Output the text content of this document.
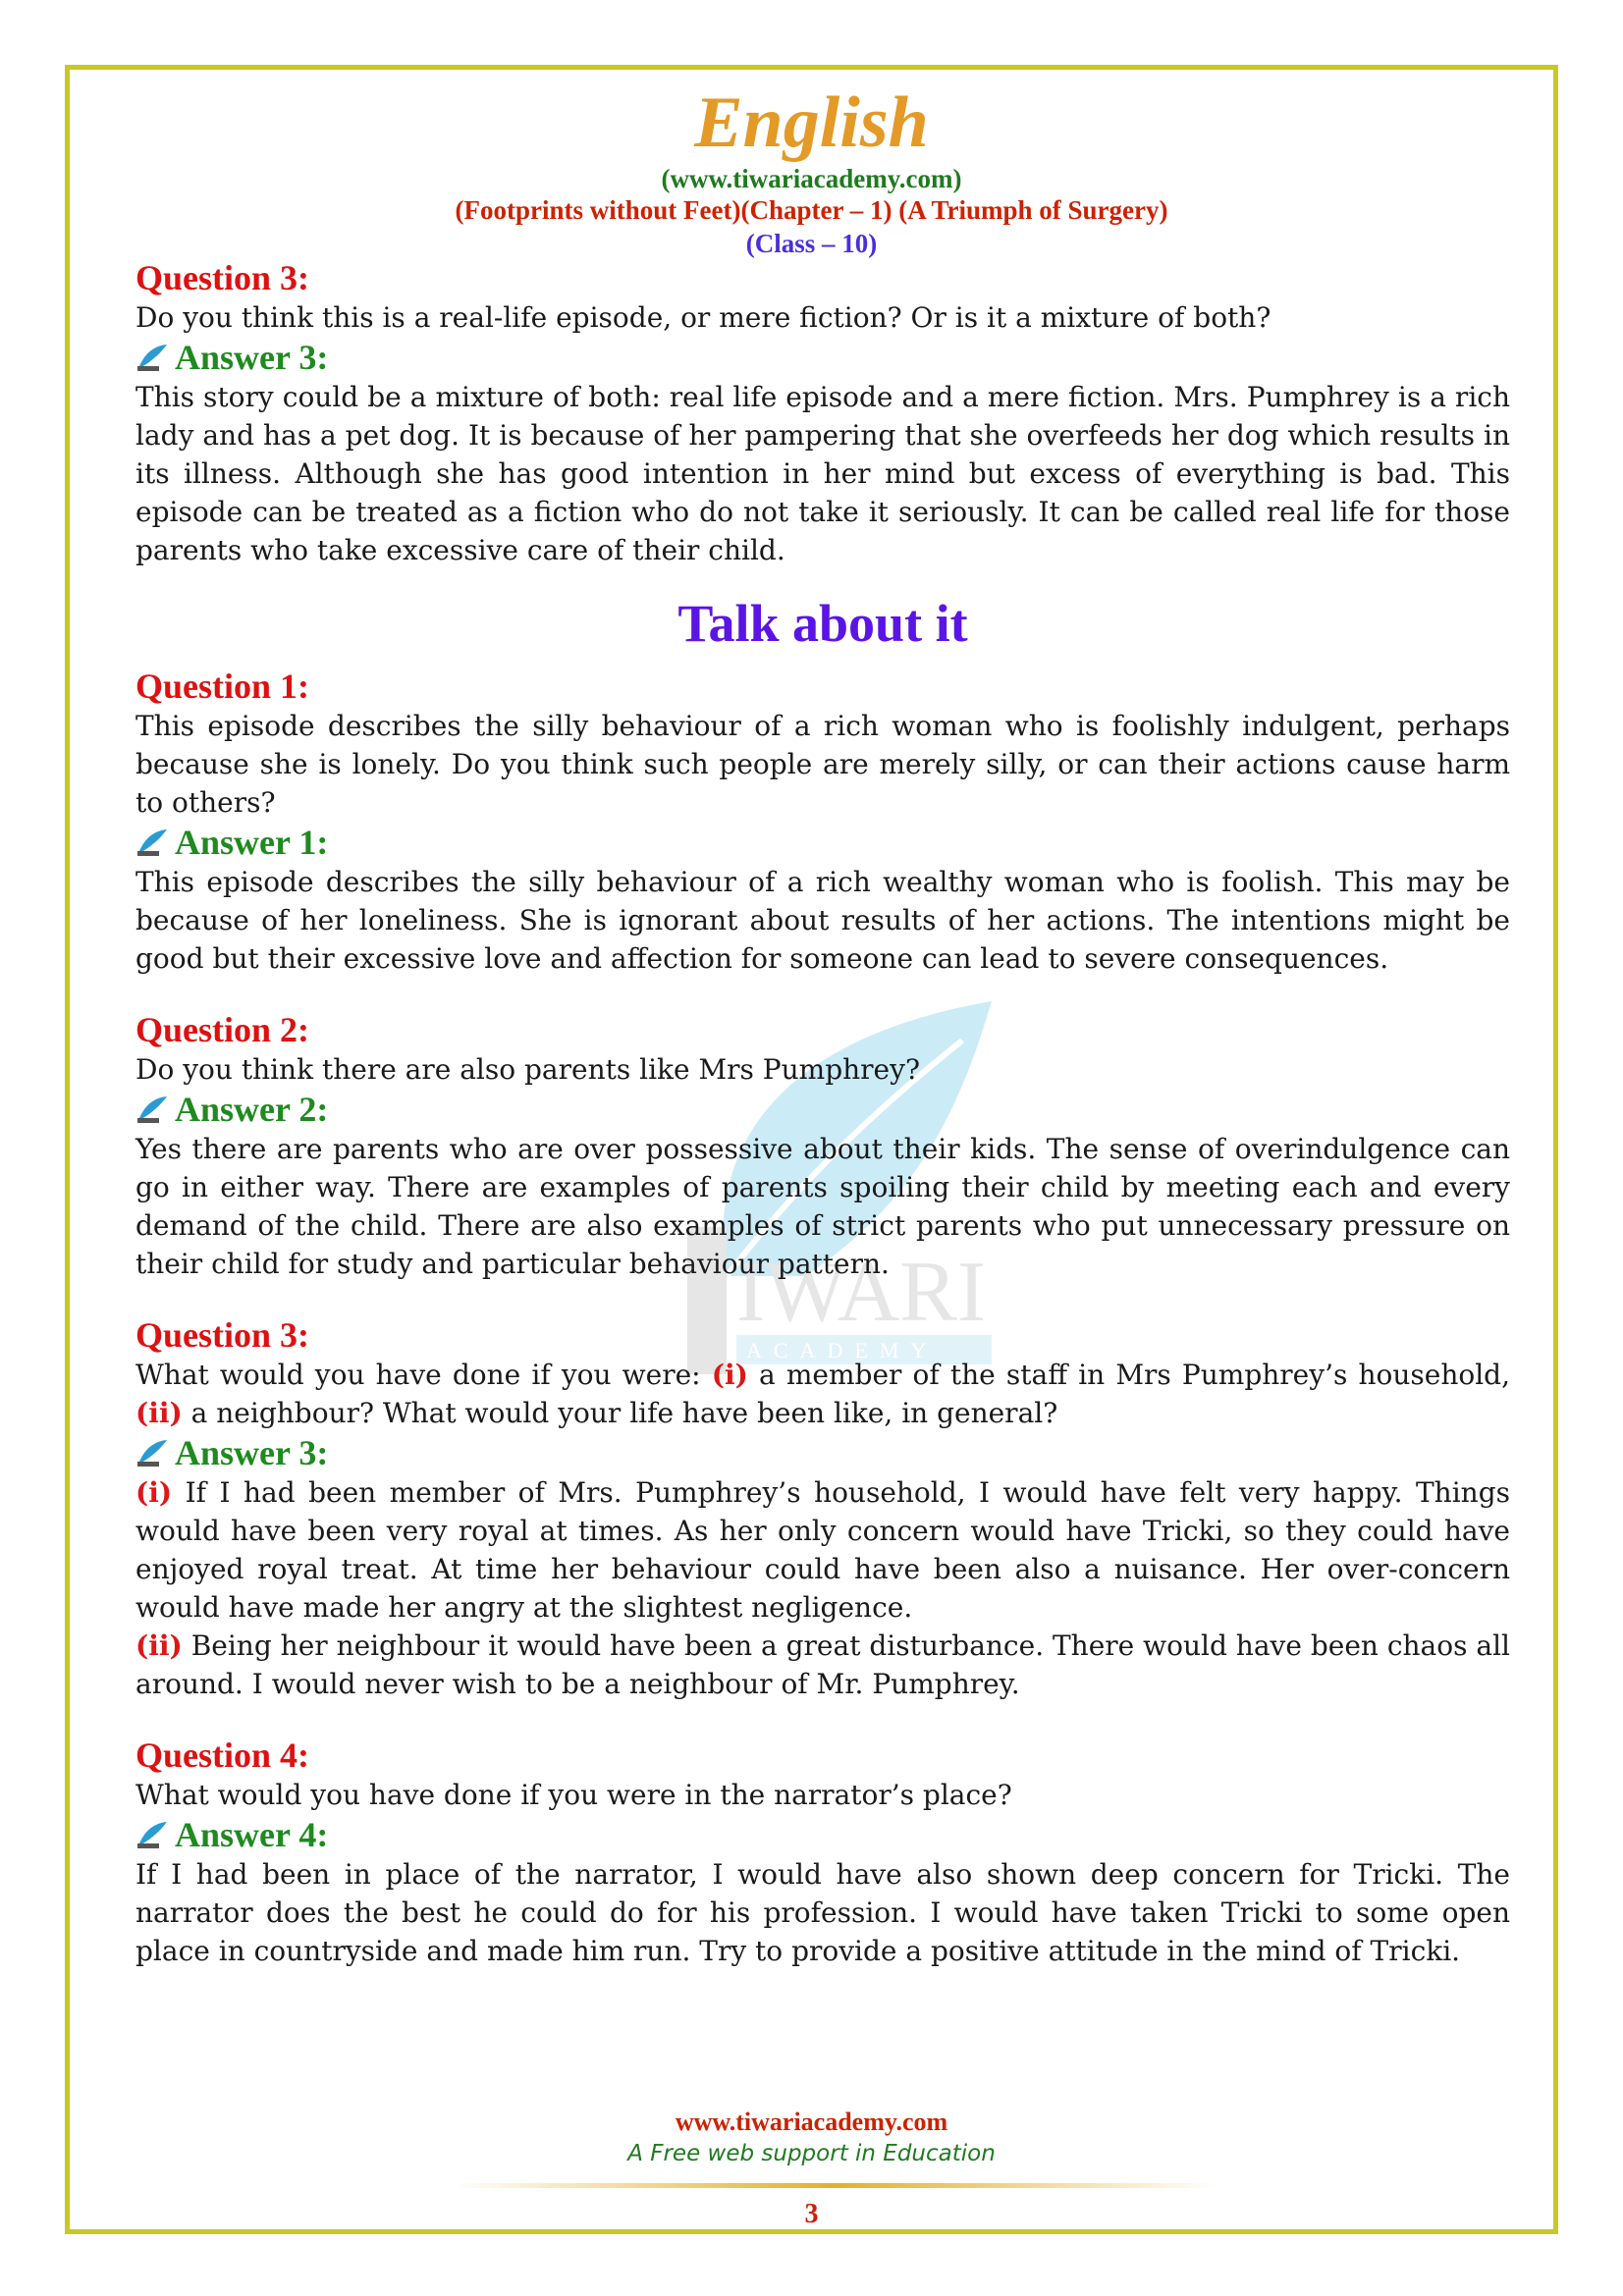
English
(www.tiwariacademy.com)
(Footprints without Feet)(Chapter – 1) (A Triumph of Surgery)
(Class – 10)
IWARI
ACADEMY

Question 3:

Do you think this is a real-life episode, or mere fiction? Or is it a mixture of both?

Answer 3:

This story could be a mixture of both: real life episode and a mere fiction. Mrs. Pumphrey is a rich lady and has a pet dog. It is because of her pampering that she overfeeds her dog which results in its illness. Although she has good intention in her mind but excess of everything is bad. This episode can be treated as a fiction who do not take it seriously. It can be called real life for those parents who take excessive care of their child.

Talk about it

Question 1:

This episode describes the silly behaviour of a rich woman who is foolishly indulgent, perhaps because she is lonely. Do you think such people are merely silly, or can their actions cause harm to others?

Answer 1:

This episode describes the silly behaviour of a rich wealthy woman who is foolish. This may be because of her loneliness. She is ignorant about results of her actions. The intentions might be good but their excessive love and affection for someone can lead to severe consequences.

Question 2:

Do you think there are also parents like Mrs Pumphrey?

Answer 2:

Yes there are parents who are over possessive about their kids. The sense of overindulgence can go in either way. There are examples of parents spoiling their child by meeting each and every demand of the child. There are also examples of strict parents who put unnecessary pressure on their child for study and particular behaviour pattern.

Question 3:

What would you have done if you were: (i) a member of the staff in Mrs Pumphrey’s household, (ii) a neighbour? What would your life have been like, in general?

Answer 3:

(i) If I had been member of Mrs. Pumphrey’s household, I would have felt very happy. Things would have been very royal at times. As her only concern would have Tricki, so they could have enjoyed royal treat. At time her behaviour could have been also a nuisance. Her over-concern would have made her angry at the slightest negligence.

(ii) Being her neighbour it would have been a great disturbance. There would have been chaos all around. I would never wish to be a neighbour of Mr. Pumphrey.

Question 4:

What would you have done if you were in the narrator’s place?

Answer 4:

If I had been in place of the narrator, I would have also shown deep concern for Tricki. The narrator does the best he could do for his profession. I would have taken Tricki to some open place in countryside and made him run. Try to provide a positive attitude in the mind of Tricki.

www.tiwariacademy.com
A Free web support in Education
3
